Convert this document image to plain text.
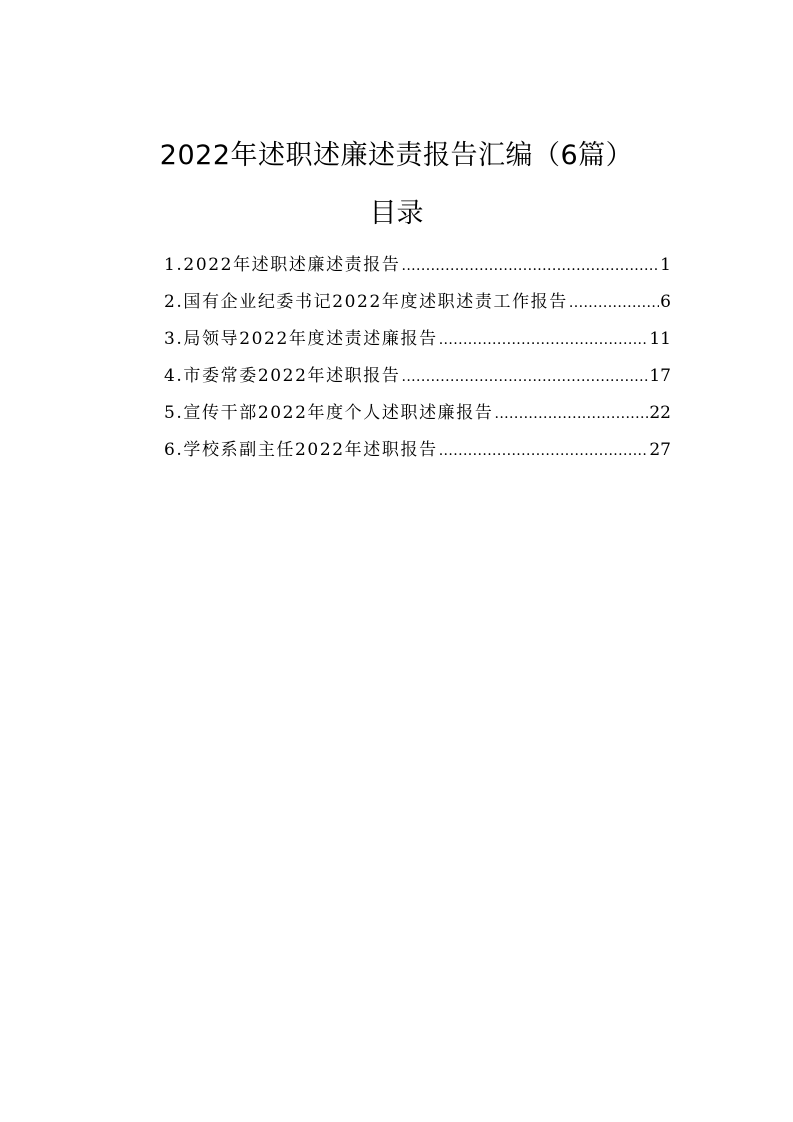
2022年述职述廉述责报告汇编（6篇）
目录
1.2022年述职述廉述责报告 .....	1
2.国有企业纪委书记2022年度述职述责工作报告 .....	6
3.局领导2022年度述责述廉报告 .....	11
4.市委常委2022年述职报告 .....	17
5.宣传干部2022年度个人述职述廉报告 .....	22
6.学校系副主任2022年述职报告 .....	27
